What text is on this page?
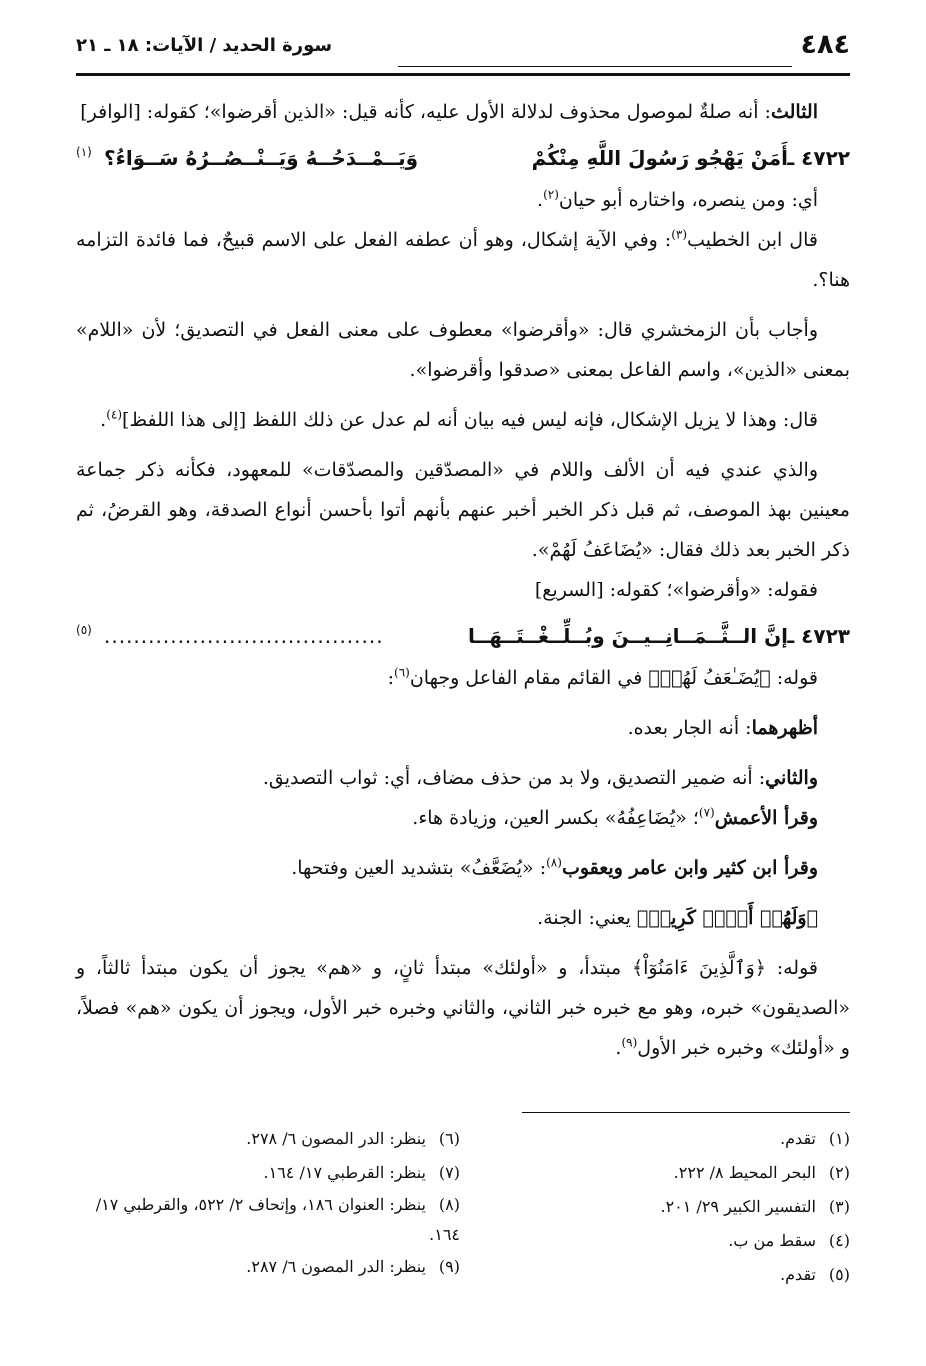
٤٨٤
سورة الحديد / الآيات: ١٨ ـ ٢١

الثالث: أنه صلةٌ لموصول محذوف لدلالة الأول عليه، كأنه قيل: «الذين أقرضوا»؛ كقوله: [الوافر]

٤٧٢٢ ـ
أَمَنْ يَهْجُو رَسُولَ اللَّهِ مِنْكُمْ
وَيَــمْــدَحُــهُ وَيَــنْــصُــرُهُ سَــوَاءُ؟
(١)

أي: ومن ينصره، واختاره أبو حيان$^{(٢)}$.

قال ابن الخطيب$^{(٣)}$: وفي الآية إشكال، وهو أن عطفه الفعل على الاسم قبيحٌ، فما فائدة التزامه هنا؟.

وأجاب بأن الزمخشري قال: «وأقرضوا» معطوف على معنى الفعل في التصديق؛ لأن «اللام» بمعنى «الذين»، واسم الفاعل بمعنى «صدقوا وأقرضوا».

قال: وهذا لا يزيل الإشكال، فإنه ليس فيه بيان أنه لم عدل عن ذلك اللفظ [إلى هذا اللفظ]$^{(٤)}$.

والذي عندي فيه أن الألف واللام في «المصدّقين والمصدّقات» للمعهود، فكأنه ذكر جماعة معينين بهذ الموصف، ثم قبل ذكر الخبر أخبر عنهم بأنهم أتوا بأحسن أنواع الصدقة، وهو القرضُ، ثم ذكر الخبر بعد ذلك فقال: «يُضَاعَفُ لَهُمْ».

فقوله: «وأقرضوا»؛ كقوله: [السريع]

٤٧٢٣ ـ
إنَّ الــثَّــمَــانِــيــنَ وبُــلِّــغْــتَــهَــا
......................................
(٥)

قوله: ﴿يُضَـٰعَفُ لَهُمۡ﴾ في القائم مقام الفاعل وجهان$^{(٦)}$:

أظهرهما: أنه الجار بعده.

والثاني: أنه ضمير التصديق، ولا بد من حذف مضاف، أي: ثواب التصديق.

وقرأ الأعمش$^{(٧)}$؛ «يُضَاعِفُهُ» بكسر العين، وزيادة هاء.

وقرأ ابن كثير وابن عامر ويعقوب$^{(٨)}$: «يُضَعَّفُ» بتشديد العين وفتحها.

﴿وَلَهُمۡ أَجۡرٞ كَرِيمٞ﴾ يعني: الجنة.

قوله: ﴿وَٱلَّذِينَ ءَامَنُوٓاْ﴾ مبتدأ، و «أولئك» مبتدأ ثانٍ، و «هم» يجوز أن يكون مبتدأ ثالثاً، و «الصديقون» خبره، وهو مع خبره خبر الثاني، والثاني وخبره خبر الأول، ويجوز أن يكون «هم» فصلاً، و «أولئك» وخبره خبر الأول$^{(٩)}$.

(١)تقدم.

(٢)البحر المحيط ٨/ ٢٢٢.

(٣)التفسير الكبير ٢٩/ ٢٠١.

(٤)سقط من ب.

(٥)تقدم.

(٦)ينظر: الدر المصون ٦/ ٢٧٨.

(٧)ينظر: القرطبي ١٧/ ١٦٤.

(٨)ينظر: العنوان ١٨٦، وإتحاف ٢/ ٥٢٢، والقرطبي ١٧/ ١٦٤.

(٩)ينظر: الدر المصون ٦/ ٢٨٧.
